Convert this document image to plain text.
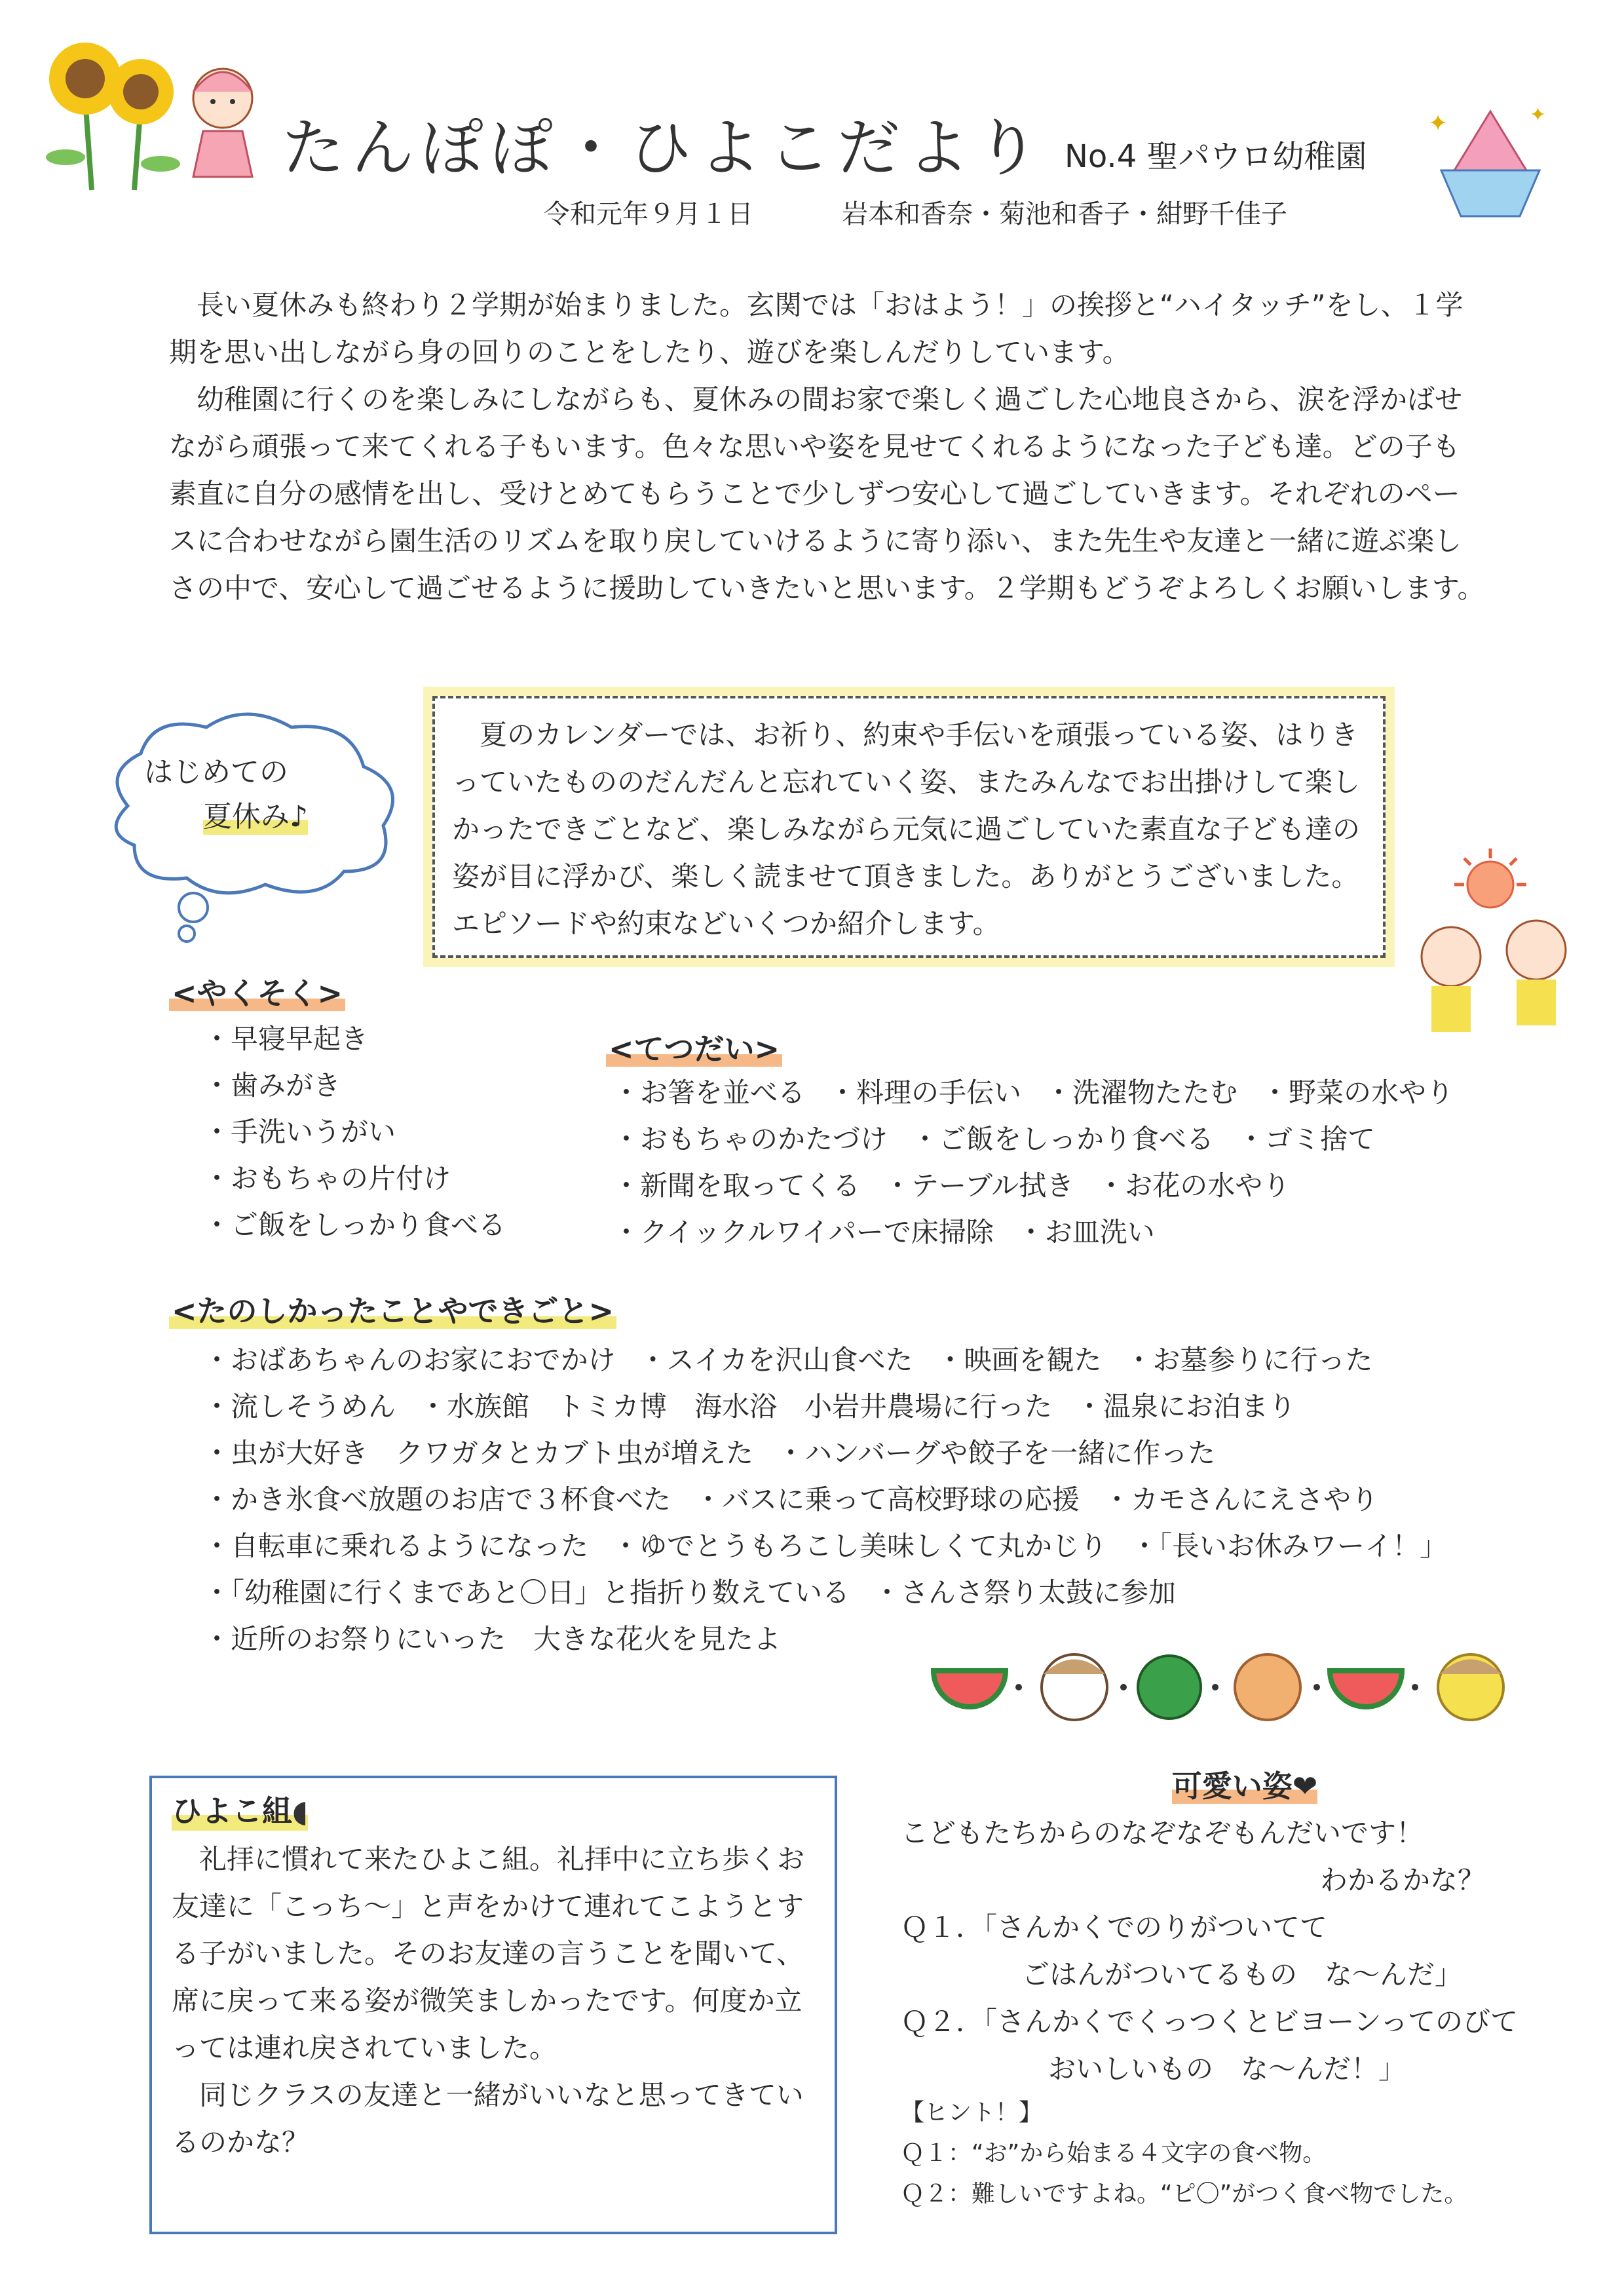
✦	✦
たんぽぽ・ひよこだより No.4 聖パウロ幼稚園
令和元年９月１日	岩本和香奈・菊池和香子・紺野千佳子

長い夏休みも終わり２学期が始まりました。玄関では「おはよう！」の挨拶と“ハイタッチ”をし、１学期を思い出しながら身の回りのことをしたり、遊びを楽しんだりしています。

幼稚園に行くのを楽しみにしながらも、夏休みの間お家で楽しく過ごした心地良さから、涙を浮かばせながら頑張って来てくれる子もいます。色々な思いや姿を見せてくれるようになった子ども達。どの子も素直に自分の感情を出し、受けとめてもらうことで少しずつ安心して過ごしていきます。それぞれのペースに合わせながら園生活のリズムを取り戻していけるように寄り添い、また先生や友達と一緒に遊ぶ楽しさの中で、安心して過ごせるように援助していきたいと思います。２学期もどうぞよろしくお願いします。

はじめての
夏休み♪

夏のカレンダーでは、お祈り、約束や手伝いを頑張っている姿、はりきっていたもののだんだんと忘れていく姿、またみんなでお出掛けして楽しかったできごとなど、楽しみながら元気に過ごしていた素直な子ども達の姿が目に浮かび、楽しく読ませて頂きました。ありがとうございました。エピソードや約束などいくつか紹介します。

<やくそく>
・早寝早起き
・歯みがき
・手洗いうがい
・おもちゃの片付け
・ご飯をしっかり食べる
<てつだい>
・お箸を並べる ・料理の手伝い ・洗濯物たたむ ・野菜の水やり
・おもちゃのかたづけ ・ご飯をしっかり食べる ・ゴミ捨て
・新聞を取ってくる ・テーブル拭き ・お花の水やり
・クイックルワイパーで床掃除 ・お皿洗い
<たのしかったことやできごと>
・おばあちゃんのお家におでかけ ・スイカを沢山食べた ・映画を観た ・お墓参りに行った
・流しそうめん ・水族館　トミカ博　海水浴　小岩井農場に行った ・温泉にお泊まり
・虫が大好き　クワガタとカブト虫が増えた ・ハンバーグや餃子を一緒に作った
・かき氷食べ放題のお店で３杯食べた ・バスに乗って高校野球の応援 ・カモさんにえさやり
・自転車に乗れるようになった ・ゆでとうもろこし美味しくて丸かじり ・「長いお休みワーイ！」
・「幼稚園に行くまであと〇日」と指折り数えている ・さんさ祭り太鼓に参加
・近所のお祭りにいった　大きな花火を見たよ
ひよこ組◖

礼拝に慣れて来たひよこ組。礼拝中に立ち歩くお友達に「こっち〜」と声をかけて連れてこようとする子がいました。そのお友達の言うことを聞いて、席に戻って来る姿が微笑ましかったです。何度か立っては連れ戻されていました。

同じクラスの友達と一緒がいいなと思ってきているのかな？

可愛い姿❤
こどもたちからのなぞなぞもんだいです！
わかるかな？
Ｑ１．「さんかくでのりがついてて
ごはんがついてるもの　な〜んだ」
Ｑ２．「さんかくでくっつくとビヨーンってのびて
おいしいもの　な〜んだ！」
【ヒント！】
Ｑ１：“お”から始まる４文字の食べ物。
Ｑ２：難しいですよね。“ピ〇”がつく食べ物でした。
